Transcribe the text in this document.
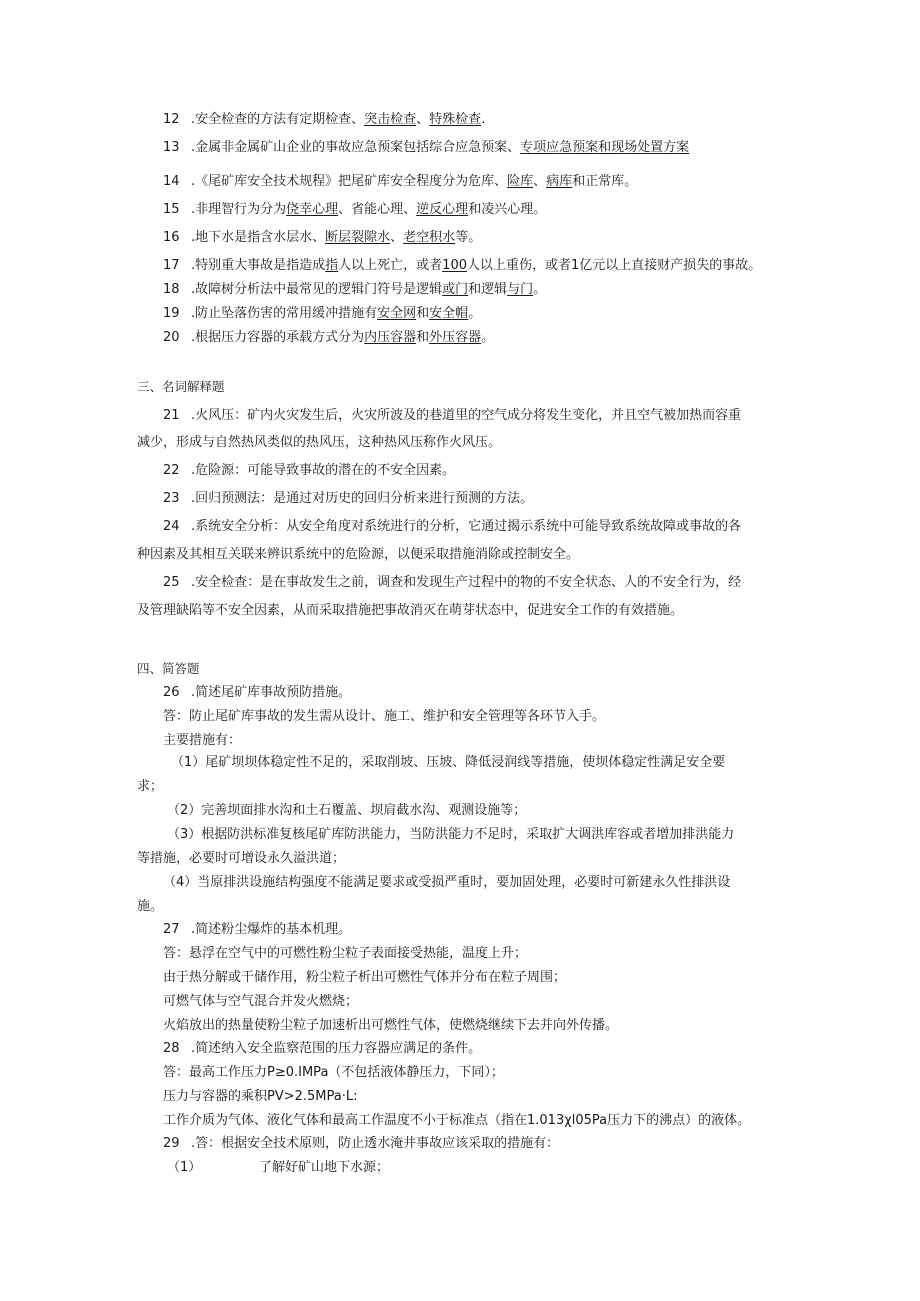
12 .安全检查的方法有定期检查、突击检查、特殊检查.
13 .金属非金属矿山企业的事故应急预案包括综合应急预案、专项应急预案和现场处置方案
14 .《尾矿库安全技术规程》把尾矿库安全程度分为危库、险库、病库和正常库。
15 .非理智行为分为侥幸心理、省能心理、逆反心理和凌兴心理。
16 .地下水是指含水层水、断层裂隙水、老空积水等。
17 .特别重大事故是指造成指人以上死亡，或者100人以上重伤，或者1亿元以上直接财产损失的事故。
18 .故障树分析法中最常见的逻辑门符号是逻辑或门和逻辑与门。
19 .防止坠落伤害的常用缓冲措施有安全网和安全帽。
20 .根据压力容器的承载方式分为内压容器和外压容器。
三、名词解释题
21 .火风压：矿内火灾发生后，火灾所波及的巷道里的空气成分将发生变化，并且空气被加热而容重
减少，形成与自然热风类似的热风压，这种热风压称作火风压。
22 .危险源：可能导致事故的潜在的不安全因素。
23 .回归预测法：是通过对历史的回归分析来进行预测的方法。
24 .系统安全分析：从安全角度对系统进行的分析，它通过揭示系统中可能导致系统故障或事故的各
种因素及其相互关联来辨识系统中的危险源，以便采取措施消除或控制安全。
25 .安全检查：是在事故发生之前，调查和发现生产过程中的物的不安全状态、人的不安全行为，经
及管理缺陷等不安全因素，从而采取措施把事故消灭在萌芽状态中，促进安全工作的有效措施。
四、简答题
26 .简述尾矿库事故预防措施。
答：防止尾矿库事故的发生需从设计、施工、维护和安全管理等各环节入手。
主要措施有：
（1）尾矿坝坝体稳定性不足的，采取削坡、压坡、降低浸润线等措施，使坝体稳定性满足安全要
求；
（2）完善坝面排水沟和土石覆盖、坝肩截水沟、观测设施等；
（3）根据防洪标准复核尾矿库防洪能力，当防洪能力不足时，采取扩大调洪库容或者增加排洪能力
等措施，必要时可增设永久溢洪道；
（4）当原排洪设施结构强度不能满足要求或受损严重时，要加固处理，必要时可新建永久性排洪设
施。
27 .简述粉尘爆炸的基本机理。
答：悬浮在空气中的可燃性粉尘粒子表面接受热能，温度上升；
由于热分解或干储作用，粉尘粒子析出可燃性气体并分布在粒子周围；
可燃气体与空气混合并发火燃烧；
火焰放出的热量使粉尘粒子加速析出可燃性气体，使燃烧继续下去并向外传播。
28 .简述纳入安全监察范围的压力容器应满足的条件。
答：最高工作压力P≥0.IMPa（不包括液体静压力，下同）；
压力与容器的乘积PV>2.5MPa·L:
工作介质为气体、液化气体和最高工作温度不小于标准点（指在1.013χl05Pa压力下的沸点）的液体。
29 .答：根据安全技术原则，防止透水淹井事故应该采取的措施有：
（1）	了解好矿山地下水源；
